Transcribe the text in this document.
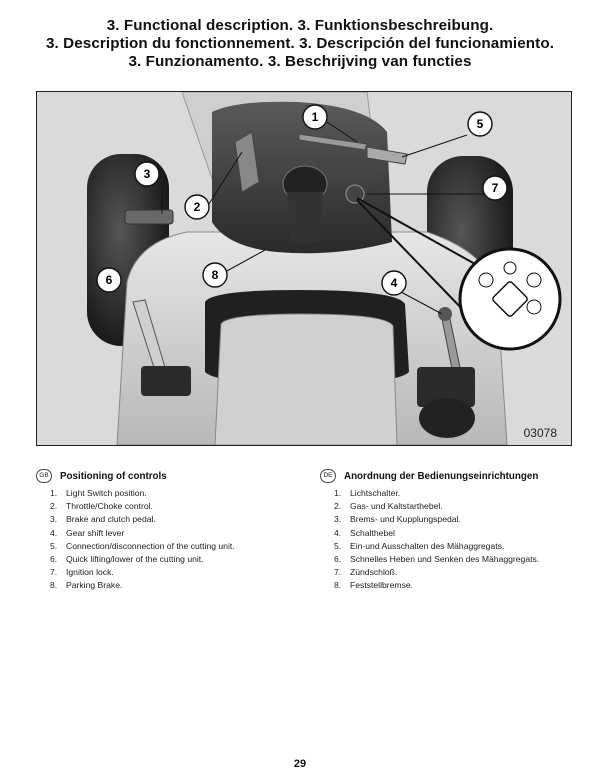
3. Functional description. 3. Funktionsbeschreibung.
3. Description du fonctionnement. 3. Descripción del funcionamiento.
3. Funzionamento. 3. Beschrijving van functies
1
2
3
4
5
6
7
8
03078
GB	Positioning of controls
1.	Light Switch position.
2.	Throttle/Choke control.
3.	Brake and clutch pedal.
4.	Gear shift lever
5.	Connection/disconnection of the cutting unit.
6.	Quick lifting/lower of the cutting unit.
7.	Ignition lock.
8.	Parking Brake.
DE	Anordnung der Bedienungseinrichtungen
1.	Lichtschalter.
2.	Gas- und Kaltstarthebel.
3.	Brems- und Kupplungspedal.
4.	Schalthebel
5.	Ein-und Ausschalten des Mähaggregats.
6.	Schnelles Heben und Senken des Mähaggregats.
7.	Zündschloß.
8.	Feststellbremse.
29
